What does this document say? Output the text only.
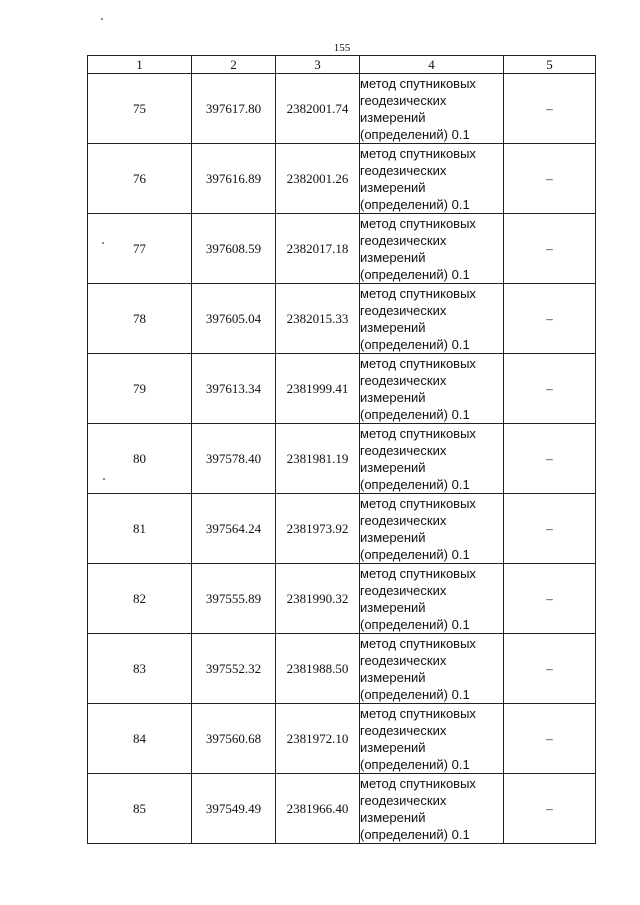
155
1	2	3	4	5
75	397617.80	2382001.74	метод спутниковых
геодезических
измерений
(определений) 0.1	–
76	397616.89	2382001.26	метод спутниковых
геодезических
измерений
(определений) 0.1	–
77	397608.59	2382017.18	метод спутниковых
геодезических
измерений
(определений) 0.1	–
78	397605.04	2382015.33	метод спутниковых
геодезических
измерений
(определений) 0.1	–
79	397613.34	2381999.41	метод спутниковых
геодезических
измерений
(определений) 0.1	–
80	397578.40	2381981.19	метод спутниковых
геодезических
измерений
(определений) 0.1	–
81	397564.24	2381973.92	метод спутниковых
геодезических
измерений
(определений) 0.1	–
82	397555.89	2381990.32	метод спутниковых
геодезических
измерений
(определений) 0.1	–
83	397552.32	2381988.50	метод спутниковых
геодезических
измерений
(определений) 0.1	–
84	397560.68	2381972.10	метод спутниковых
геодезических
измерений
(определений) 0.1	–
85	397549.49	2381966.40	метод спутниковых
геодезических
измерений
(определений) 0.1	–
